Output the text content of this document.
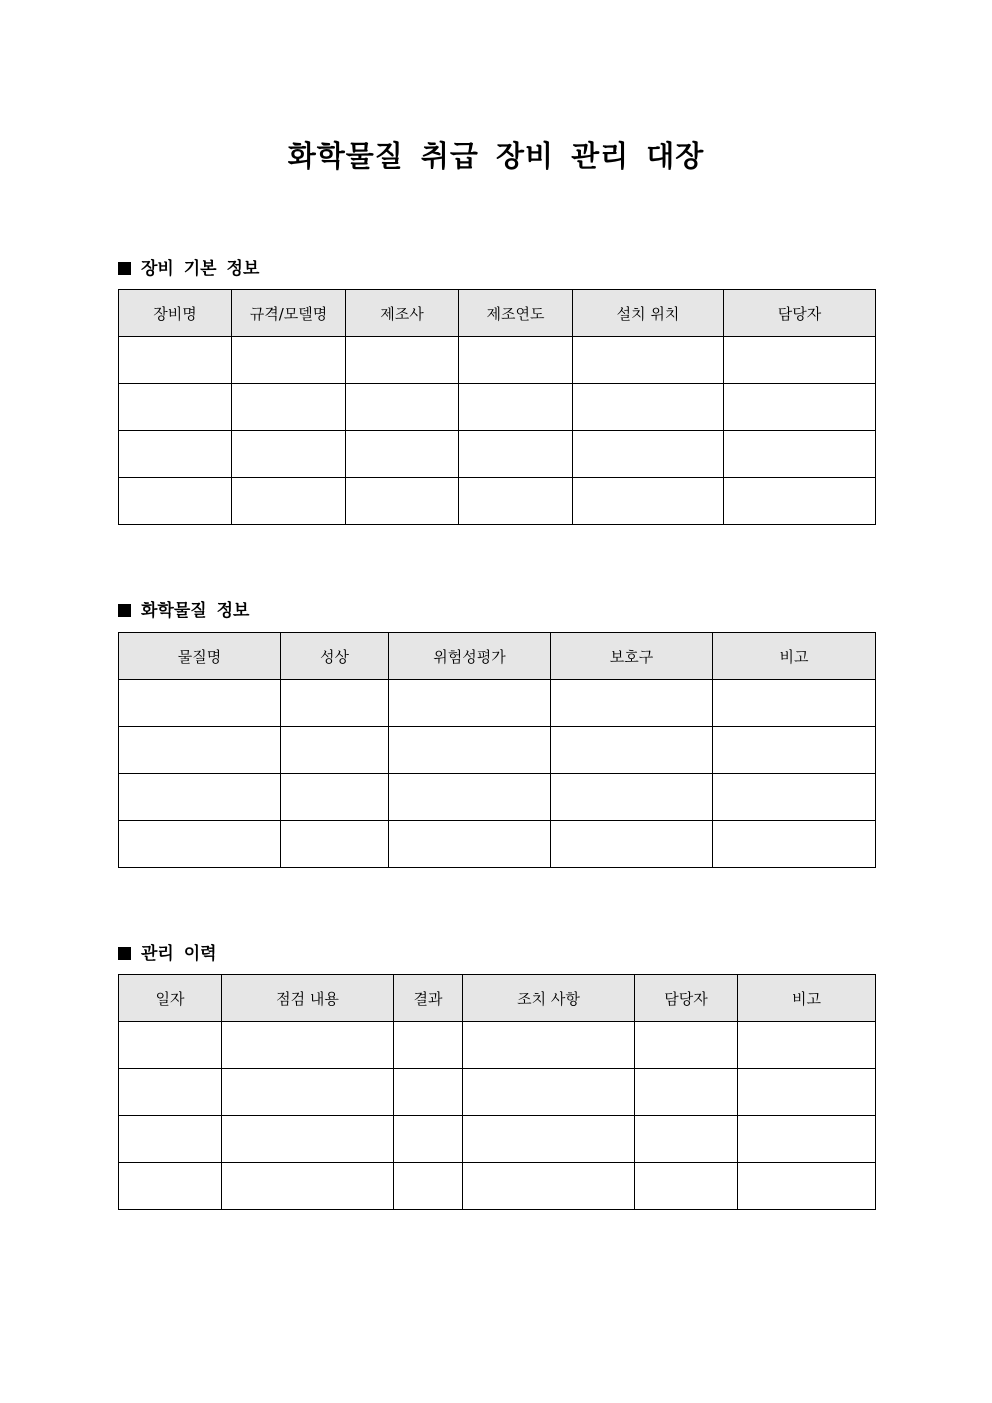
화학물질 취급 장비 관리 대장
장비 기본 정보
장비명	규격/모델명	제조사	제조연도	설치 위치	담당자

화학물질 정보
물질명	성상	위험성평가	보호구	비고

관리 이력
일자	점검 내용	결과	조치 사항	담당자	비고
